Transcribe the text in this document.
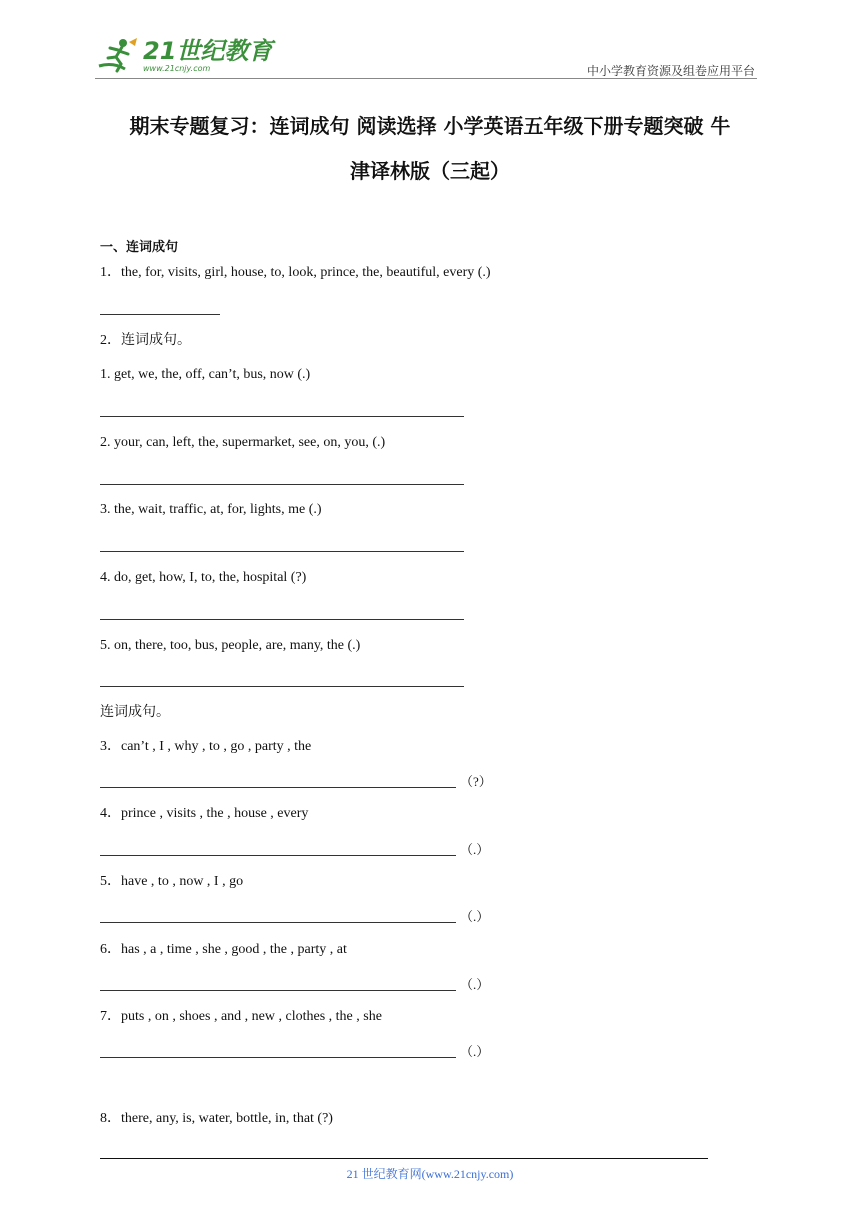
21世纪教育
www.21cnjy.com	中小学教育资源及组卷应用平台
期末专题复习：连词成句 阅读选择 小学英语五年级下册专题突破 牛
津译林版（三起）
一、连词成句
1．the, for, visits, girl, house, to, look, prince, the, beautiful, every (.)
2．连词成句。
1. get, we, the, off, can’t, bus, now (.)
2. your, can, left, the, supermarket, see, on, you, (.)
3. the, wait, traffic, at, for, lights, me (.)
4. do, get, how, I, to, the, hospital (?)
5. on, there, too, bus, people, are, many, the (.)
连词成句。
3．can’t , I , why , to , go , party , the
（?）
4．prince , visits , the , house , every
（.）
5．have , to , now , I , go
（.）
6．has , a , time , she , good , the , party , at
（.）
7．puts , on , shoes , and , new , clothes , the , she
（.）
8．there, any, is, water, bottle, in, that (?)
21 世纪教育网(www.21cnjy.com)
